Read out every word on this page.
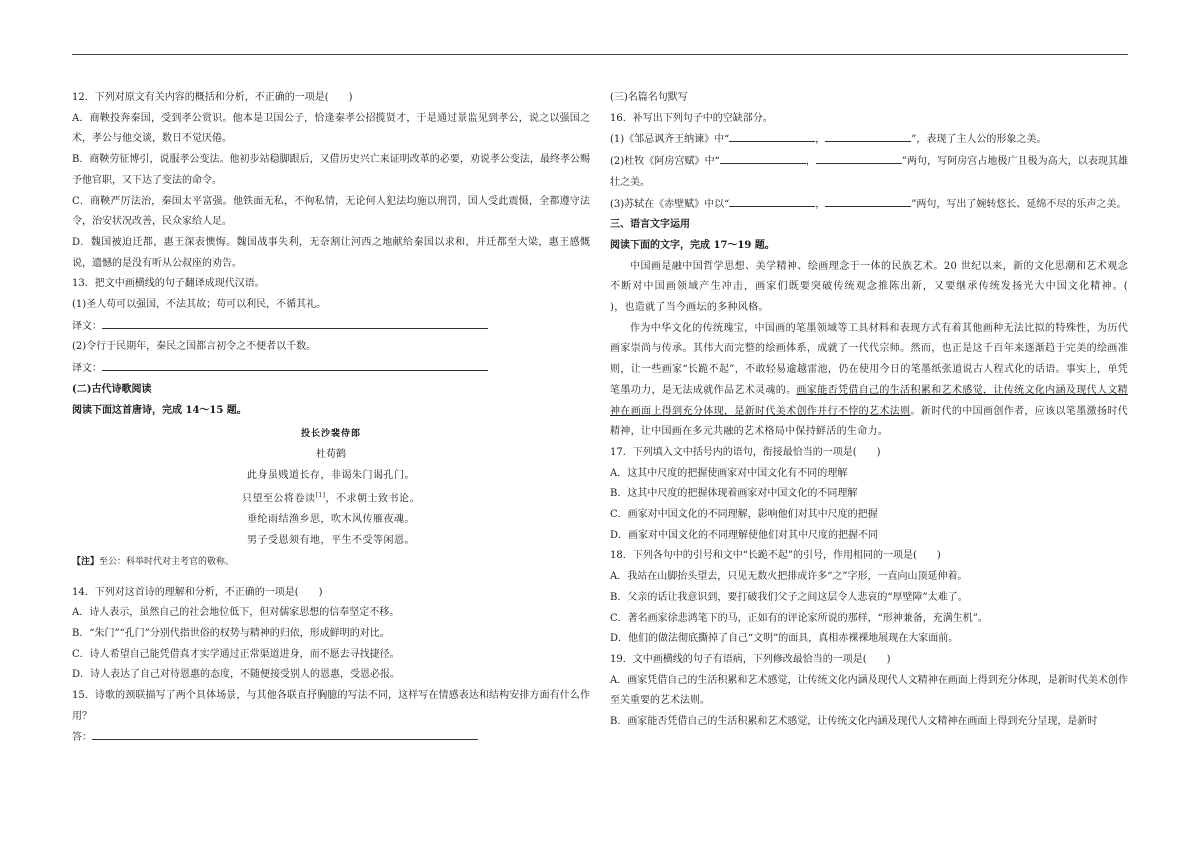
12．下列对原文有关内容的概括和分析，不正确的一项是(　　)

A．商鞅投奔秦国，受到孝公赏识。他本是卫国公子，恰逢秦孝公招揽贤才，于是通过景监见到孝公，说之以强国之术，孝公与他交谈，数日不觉厌倦。

B．商鞅劳征博引，说服孝公变法。他初步站稳脚跟后，又借历史兴亡来证明改革的必要，劝说孝公变法，最终孝公赐予他官职，又下达了变法的命令。

C．商鞅严厉法治，秦国太平富强。他铁面无私，不徇私情，无论何人犯法均施以刑罚，国人受此震慑，全都遵守法令，治安状况改善，民众家给人足。

D．魏国被迫迁都，惠王深表懊悔。魏国战事失利，无奈割让河西之地献给秦国以求和，并迁都至大梁，惠王感慨说，遗憾的是没有听从公叔座的劝告。

13．把文中画横线的句子翻译成现代汉语。

(1)圣人苟可以强国，不法其故；苟可以利民，不循其礼。

译文：

(2)令行于民期年，秦民之国都言初令之不便者以千数。

译文：

(二)古代诗歌阅读

阅读下面这首唐诗，完成 14～15 题。

投长沙裴侍郎

杜荀鹤

此身虽贱道长存，非谒朱门谒孔门。

只望至公将卷读[1]，不求朝士致书论。

垂纶雨结渔乡思，吹木风传雁夜魂。

男子受恩须有地，平生不受等闲恩。

【注】至公：科举时代对主考官的敬称。

14．下列对这首诗的理解和分析，不正确的一项是(　　)

A．诗人表示，虽然自己的社会地位低下，但对儒家思想的信奉坚定不移。

B．“朱门”“孔门”分别代指世俗的权势与精神的归依，形成鲜明的对比。

C．诗人希望自己能凭借真才实学通过正常渠道进身，而不愿去寻找捷径。

D．诗人表达了自己对待恩惠的态度，不随便接受别人的恩惠，受恩必报。

15．诗歌的颈联描写了两个具体场景，与其他各联直抒胸臆的写法不同，这样写在情感表达和结构安排方面有什么作用？

答：

(三)名篇名句默写

16．补写出下列句子中的空缺部分。

(1)《邹忌讽齐王纳谏》中“	，	”，表现了主人公的形象之美。

(2)杜牧《阿房宫赋》中“	，	”两句，写阿房宫占地极广且极为高大，以表现其雄壮之美。

(3)苏轼在《赤壁赋》中以“	，	”两句，写出了婉转悠长、延绵不尽的乐声之美。

三、语言文字运用

阅读下面的文字，完成 17～19 题。

中国画是融中国哲学思想、美学精神、绘画理念于一体的民族艺术。20 世纪以来，新的文化思潮和艺术观念不断对中国画领域产生冲击，画家们既要突破传统观念推陈出新，又要继承传统发扬光大中国文化精神。(　　　　)，也造就了当今画坛的多种风格。

作为中华文化的传统瑰宝，中国画的笔墨领域等工具材料和表现方式有着其他画种无法比拟的特殊性，为历代画家崇尚与传承。其伟大而完整的绘画体系，成就了一代代宗师。然而，也正是这千百年来逐渐趋于完美的绘画准则，让一些画家“长跪不起”，不敢轻易逾越雷池，仍在使用今日的笔墨纸张道说古人程式化的话语。事实上，单凭笔墨功力，是无法成就作品艺术灵魂的。画家能否凭借自己的生活积累和艺术感觉，让传统文化内涵及现代人文精神在画面上得到充分体现，是新时代美术创作并行不悖的艺术法则。新时代的中国画创作者，应该以笔墨激扬时代精神，让中国画在多元共融的艺术格局中保持鲜活的生命力。

17．下列填入文中括号内的语句，衔接最恰当的一项是(　　)

A．这其中尺度的把握使画家对中国文化有不同的理解

B．这其中尺度的把握体现着画家对中国文化的不同理解

C．画家对中国文化的不同理解，影响他们对其中尺度的把握

D．画家对中国文化的不同理解使他们对其中尺度的把握不同

18．下列各句中的引号和文中“长跪不起”的引号，作用相同的一项是(　　)

A．我站在山脚抬头望去，只见无数火把排成许多“之”字形，一直向山顶延伸着。

B．父亲的话让我意识到，要打破我们父子之间这层令人悲哀的“厚壁障”太难了。

C．著名画家徐悲鸿笔下的马，正如有的评论家所说的那样，“形神兼备，充满生机”。

D．他们的做法彻底撕掉了自己“文明”的面具，真相赤裸裸地展现在大家面前。

19．文中画横线的句子有语病，下列修改最恰当的一项是(　　)

A．画家凭借自己的生活积累和艺术感觉，让传统文化内涵及现代人文精神在画面上得到充分体现，是新时代美术创作至关重要的艺术法则。

B．画家能否凭借自己的生活积累和艺术感觉，让传统文化内涵及现代人文精神在画面上得到充分呈现，是新时
